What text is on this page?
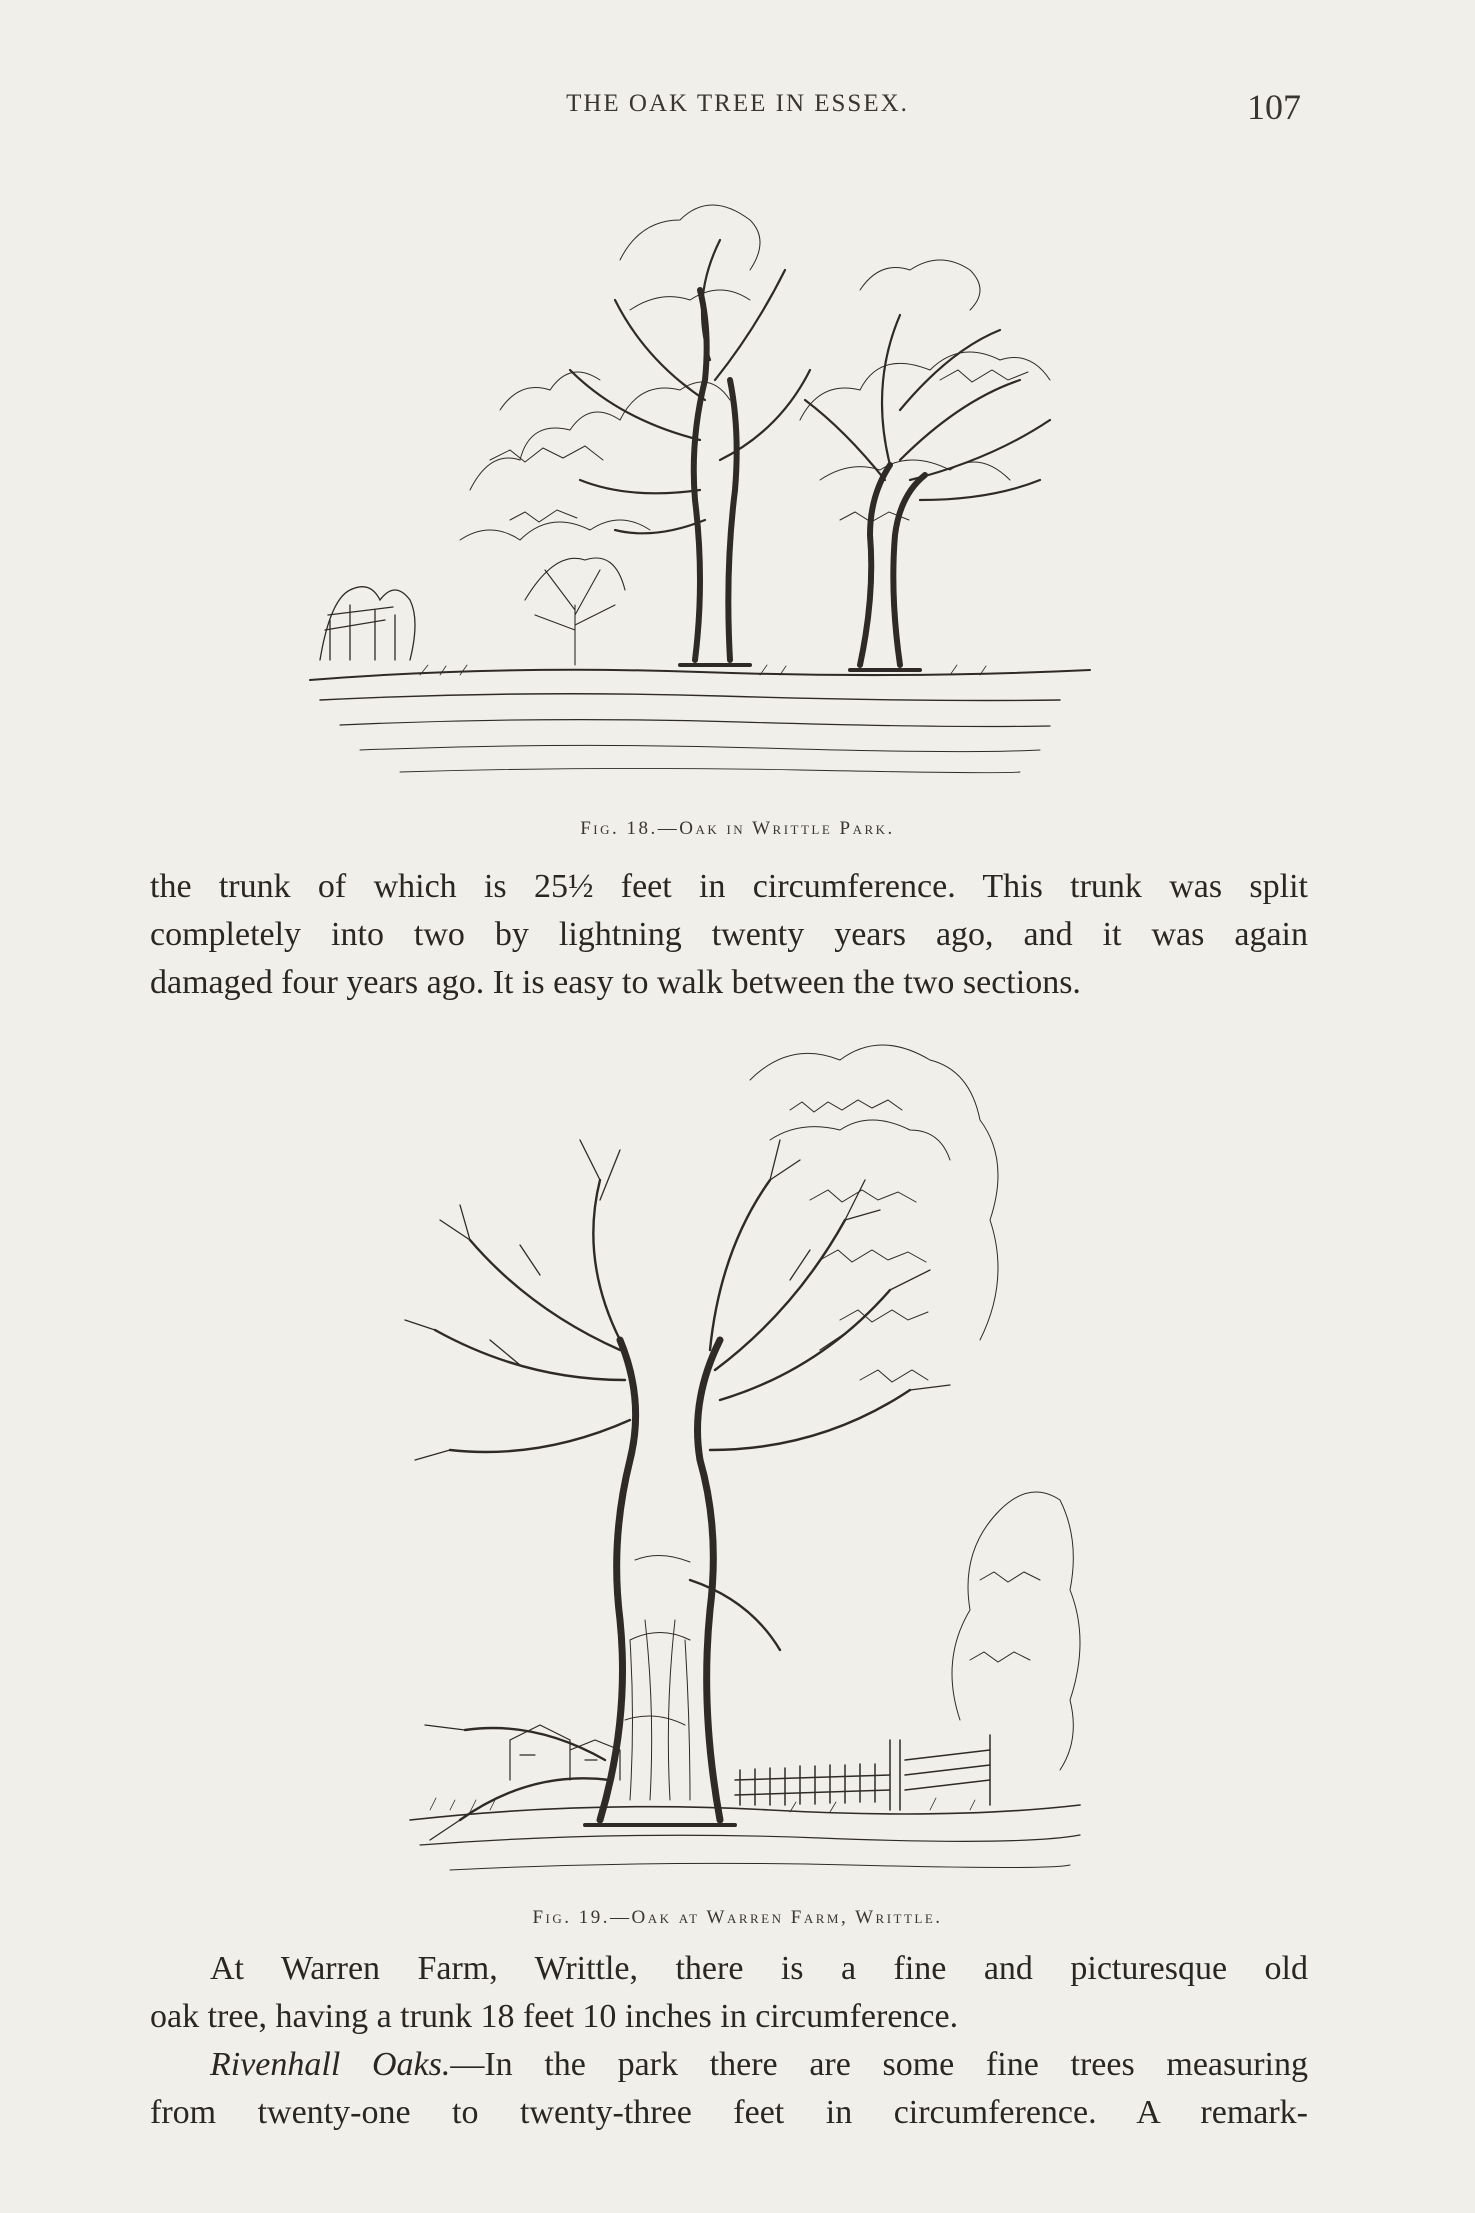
THE OAK TREE IN ESSEX.	107
Fig. 18.—Oak in Writtle Park.
the trunk of which is 25½ feet in circumference. This trunk was split
completely into two by lightning twenty years ago, and it was again
damaged four years ago. It is easy to walk between the two sections.
Fig. 19.—Oak at Warren Farm, Writtle.
At Warren Farm, Writtle, there is a fine and picturesque old
oak tree, having a trunk 18 feet 10 inches in circumference.
Rivenhall Oaks.—In the park there are some fine trees measuring
from twenty-one to twenty-three feet in circumference. A remark-
